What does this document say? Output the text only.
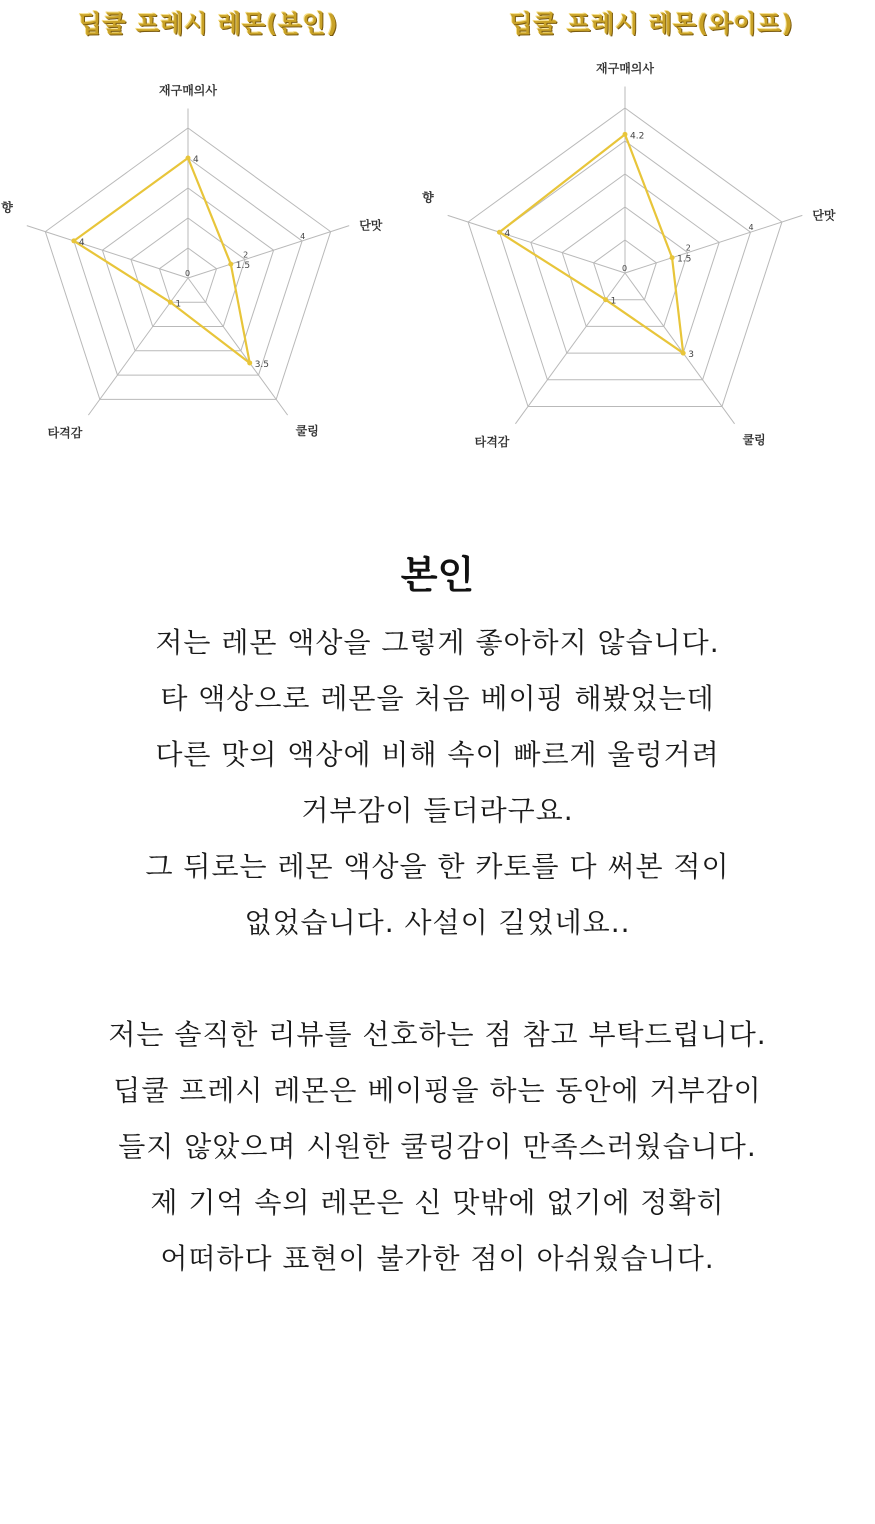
딥쿨 프레시 레몬(본인)
4
1.5
3.5
1
4
0
2
4
재구매의사
단맛
쿨링
타격감
향
딥쿨 프레시 레몬(와이프)
4.2
1.5
3
1
4
0
2
4
재구매의사
단맛
쿨링
타격감
향
본인
저는 레몬 액상을 그렇게 좋아하지 않습니다.
타 액상으로 레몬을 처음 베이핑 해봤었는데
다른 맛의 액상에 비해 속이 빠르게 울렁거려
거부감이 들더라구요.
그 뒤로는 레몬 액상을 한 카토를 다 써본 적이
없었습니다. 사설이 길었네요..
저는 솔직한 리뷰를 선호하는 점 참고 부탁드립니다.
딥쿨 프레시 레몬은 베이핑을 하는 동안에 거부감이
들지 않았으며 시원한 쿨링감이 만족스러웠습니다.
제 기억 속의 레몬은 신 맛밖에 없기에 정확히
어떠하다 표현이 불가한 점이 아쉬웠습니다.
